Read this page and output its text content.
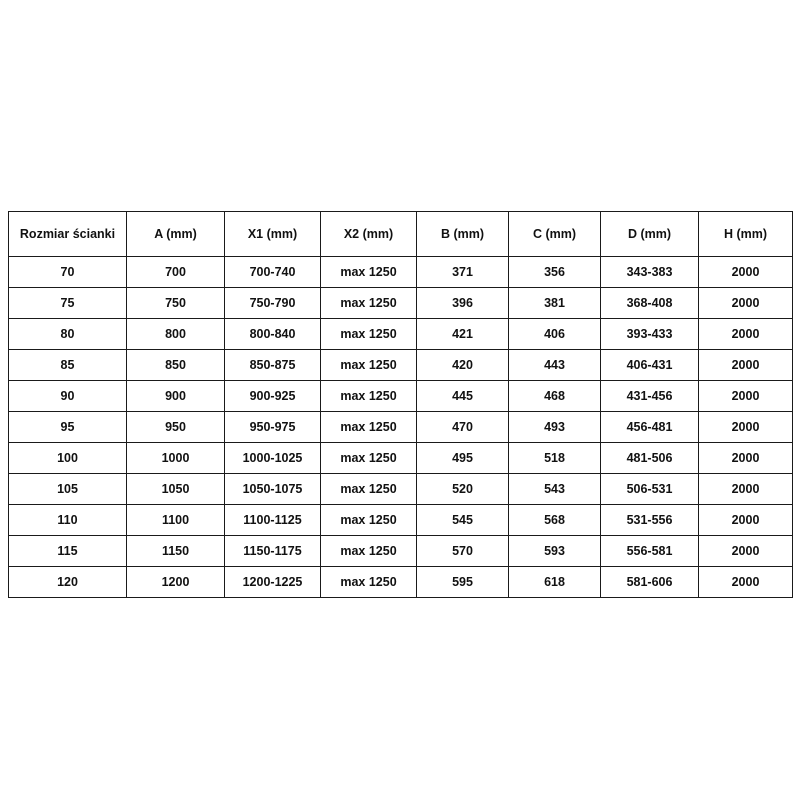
Rozmiar ścianki	A (mm)	X1 (mm)	X2 (mm)	B (mm)	C (mm)	D (mm)	H (mm)
70	700	700-740	max 1250	371	356	343-383	2000
75	750	750-790	max 1250	396	381	368-408	2000
80	800	800-840	max 1250	421	406	393-433	2000
85	850	850-875	max 1250	420	443	406-431	2000
90	900	900-925	max 1250	445	468	431-456	2000
95	950	950-975	max 1250	470	493	456-481	2000
100	1000	1000-1025	max 1250	495	518	481-506	2000
105	1050	1050-1075	max 1250	520	543	506-531	2000
110	1100	1100-1125	max 1250	545	568	531-556	2000
115	1150	1150-1175	max 1250	570	593	556-581	2000
120	1200	1200-1225	max 1250	595	618	581-606	2000
